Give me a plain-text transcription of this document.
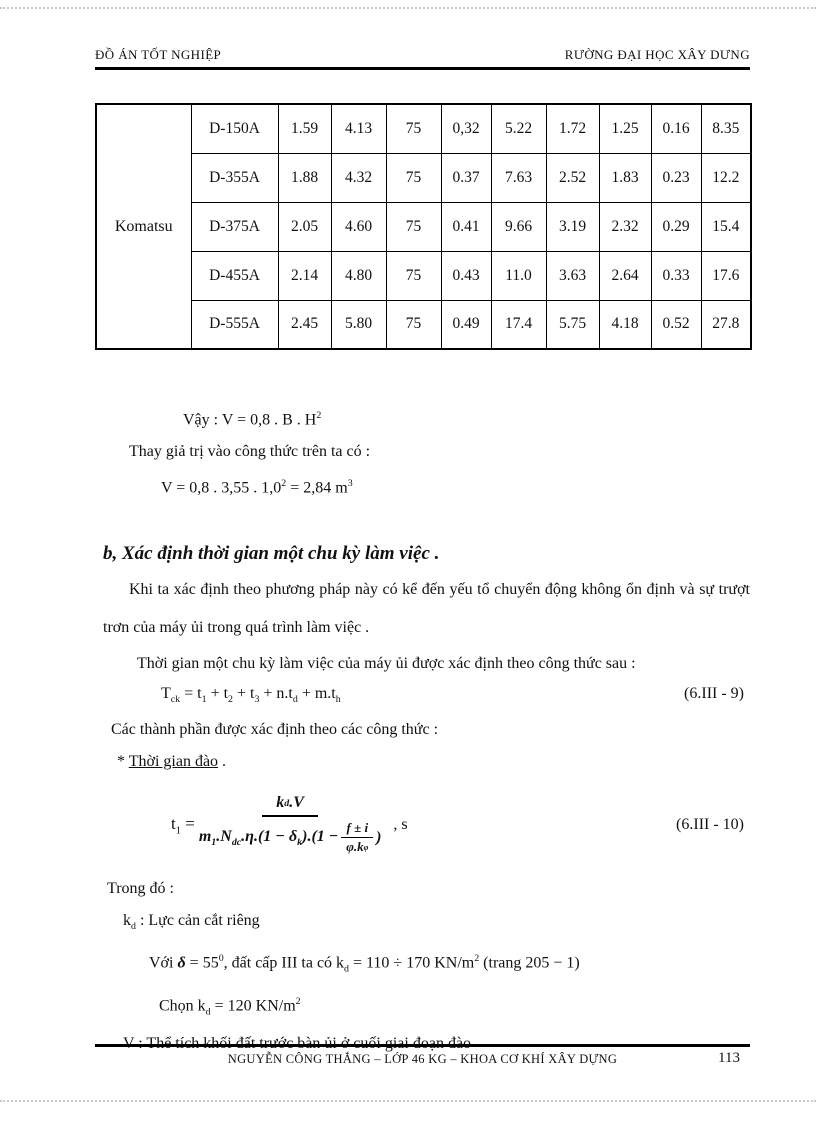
ĐỒ ÁN TỐT NGHIỆP	RƯỜNG ĐẠI HỌC XÂY DƯNG
Komatsu	D-150A	1.59	4.13	75	0,32	5.22	1.72	1.25	0.16	8.35
	D-355A	1.88	4.32	75	0.37	7.63	2.52	1.83	0.23	12.2
	D-375A	2.05	4.60	75	0.41	9.66	3.19	2.32	0.29	15.4
	D-455A	2.14	4.80	75	0.43	11.0	3.63	2.64	0.33	17.6
	D-555A	2.45	5.80	75	0.49	17.4	5.75	4.18	0.52	27.8
Vậy : V = 0,8 . B . $H^2$
Thay giả trị vào công thức trên ta có :
V = 0,8 . 3,55 . $1,0^2 = 2,84$ $m^3$
b, Xác định thời gian một chu kỳ làm việc .

Khi ta xác định theo phương pháp này có kể đến yếu tổ chuyển động không ổn định và sự trượt trơn của máy ủi trong quá trình làm việc .

Thời gian một chu kỳ làm việc của máy ủi được xác định theo công thức sau :
$T_{ck} = t_1 + t_2 + t_3 + n.t_d + m.t_h$	(6.III - 9)
Các thành phần được xác định theo các công thức :
* Thời gian đào .
$t_1$ =
k d .V
$m_1.N_{dc}.\eta.(1 - \delta_k).(1 - \frac{f \pm i}{\text{φ.k φ}}$ )
, s	(6.III - 10)
Trong đó :
$k_d$ : Lực cản cắt riêng
Với $\delta = 55^0$, đất cấp III ta có $k_d = 110 \div 170$ $KN/m^2$ (trang 205 − 1)
Chọn $k_d = 120$ $KN/m^2$
V : Thể tích khối đất trước bàn ủi ở cuối giai đoạn đào
NGUYỄN CÔNG THẮNG – LỚP 46 KG – KHOA CƠ KHÍ XÂY DỰNG	113
